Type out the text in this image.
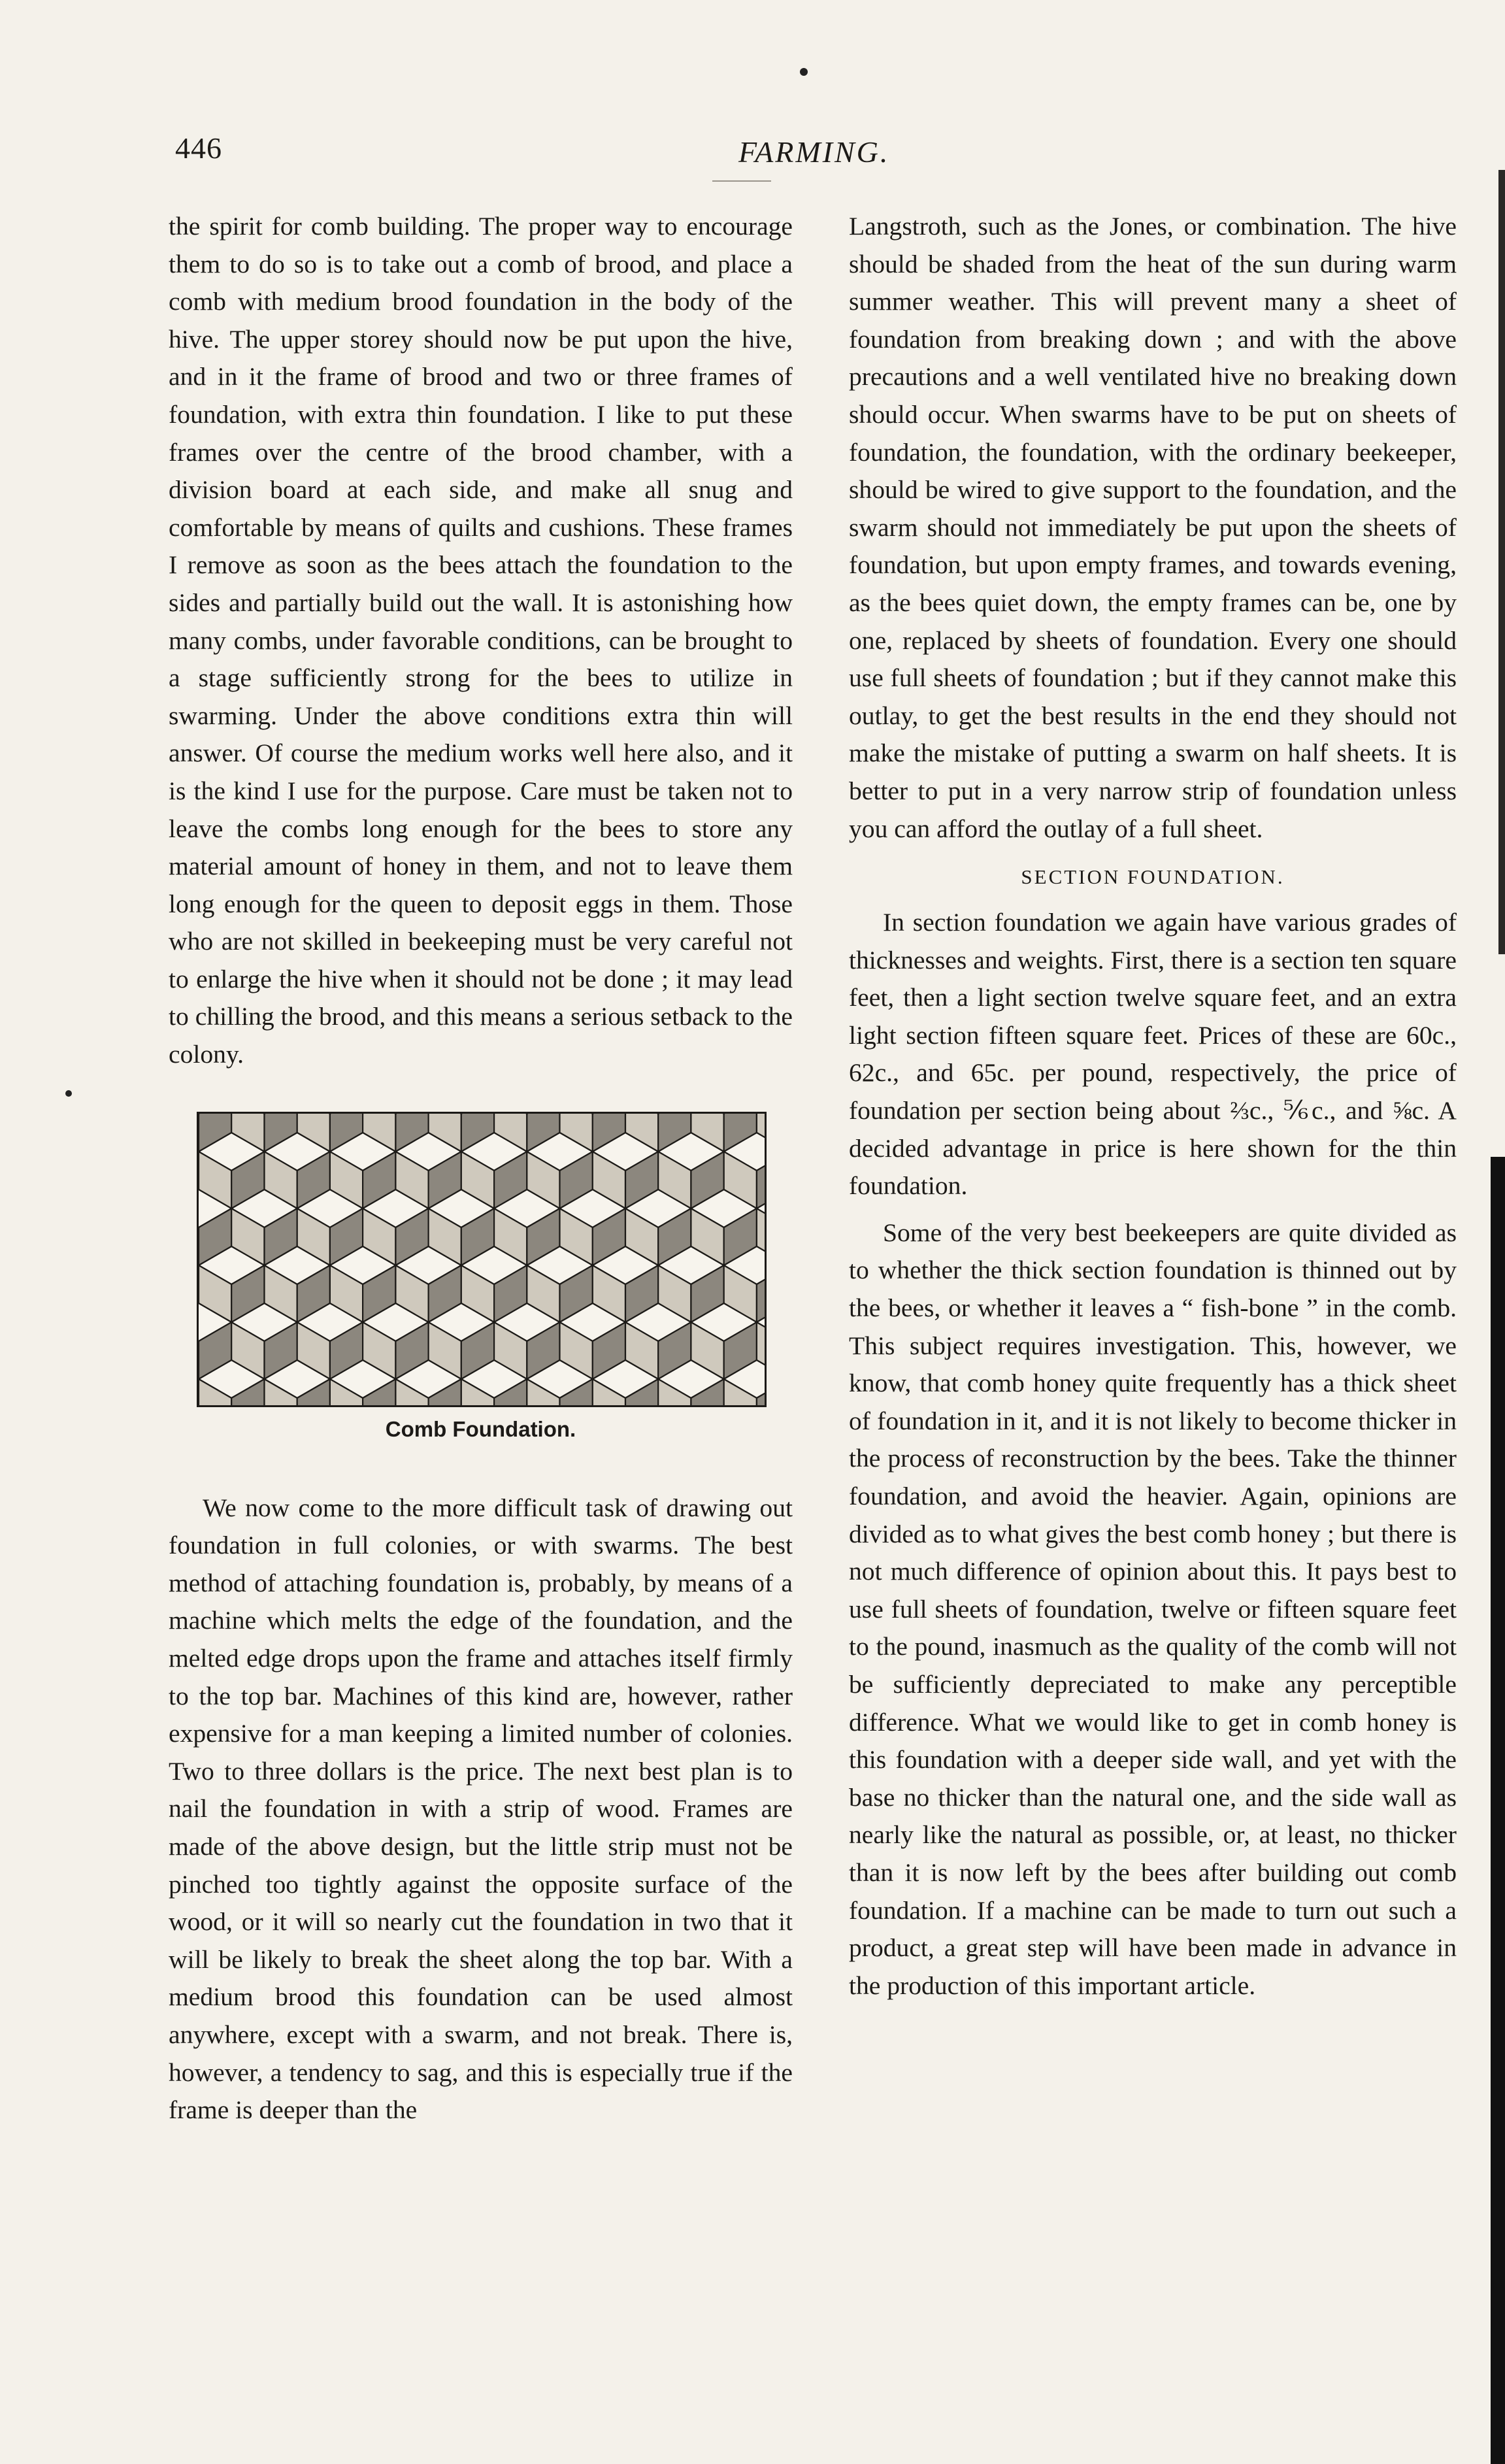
446	FARMING.

the spirit for comb building. The proper way to encourage them to do so is to take out a comb of brood, and place a comb with medium brood foundation in the body of the hive. The upper storey should now be put upon the hive, and in it the frame of brood and two or three frames of foundation, with extra thin foundation. I like to put these frames over the centre of the brood chamber, with a division board at each side, and make all snug and comfortable by means of quilts and cushions. These frames I remove as soon as the bees attach the foundation to the sides and partially build out the wall. It is astonishing how many combs, under favorable conditions, can be brought to a stage sufficiently strong for the bees to utilize in swarming. Under the above conditions extra thin will answer. Of course the medium works well here also, and it is the kind I use for the purpose. Care must be taken not to leave the combs long enough for the bees to store any material amount of honey in them, and not to leave them long enough for the queen to deposit eggs in them. Those who are not skilled in beekeeping must be very careful not to enlarge the hive when it should not be done ; it may lead to chilling the brood, and this means a serious setback to the colony.

Comb Foundation.

We now come to the more difficult task of drawing out foundation in full colonies, or with swarms. The best method of attaching foundation is, probably, by means of a machine which melts the edge of the foundation, and the melted edge drops upon the frame and attaches itself firmly to the top bar. Machines of this kind are, however, rather expensive for a man keeping a limited number of colonies. Two to three dollars is the price. The next best plan is to nail the foundation in with a strip of wood. Frames are made of the above design, but the little strip must not be pinched too tightly against the opposite surface of the wood, or it will so nearly cut the foundation in two that it will be likely to break the sheet along the top bar. With a medium brood this foundation can be used almost anywhere, except with a swarm, and not break. There is, however, a tendency to sag, and this is especially true if the frame is deeper than the

Langstroth, such as the Jones, or combination. The hive should be shaded from the heat of the sun during warm summer weather. This will prevent many a sheet of foundation from breaking down ; and with the above precautions and a well ventilated hive no breaking down should occur. When swarms have to be put on sheets of foundation, the foundation, with the ordinary beekeeper, should be wired to give support to the foundation, and the swarm should not immediately be put upon the sheets of foundation, but upon empty frames, and towards evening, as the bees quiet down, the empty frames can be, one by one, replaced by sheets of foundation. Every one should use full sheets of foundation ; but if they cannot make this outlay, to get the best results in the end they should not make the mistake of putting a swarm on half sheets. It is better to put in a very narrow strip of foundation unless you can afford the outlay of a full sheet.

SECTION FOUNDATION.

In section foundation we again have various grades of thicknesses and weights. First, there is a section ten square feet, then a light section twelve square feet, and an extra light section fifteen square feet. Prices of these are 60c., 62c., and 65c. per pound, respectively, the price of foundation per section being about ⅔c., ⅚c., and ⅝c. A decided advantage in price is here shown for the thin foundation.

Some of the very best beekeepers are quite divided as to whether the thick section foundation is thinned out by the bees, or whether it leaves a “ fish-bone ” in the comb. This subject requires investigation. This, however, we know, that comb honey quite frequently has a thick sheet of foundation in it, and it is not likely to become thicker in the process of reconstruction by the bees. Take the thinner foundation, and avoid the heavier. Again, opinions are divided as to what gives the best comb honey ; but there is not much difference of opinion about this. It pays best to use full sheets of foundation, twelve or fifteen square feet to the pound, inasmuch as the quality of the comb will not be sufficiently depreciated to make any perceptible difference. What we would like to get in comb honey is this foundation with a deeper side wall, and yet with the base no thicker than the natural one, and the side wall as nearly like the natural as possible, or, at least, no thicker than it is now left by the bees after building out comb foundation. If a machine can be made to turn out such a product, a great step will have been made in advance in the production of this important article.
